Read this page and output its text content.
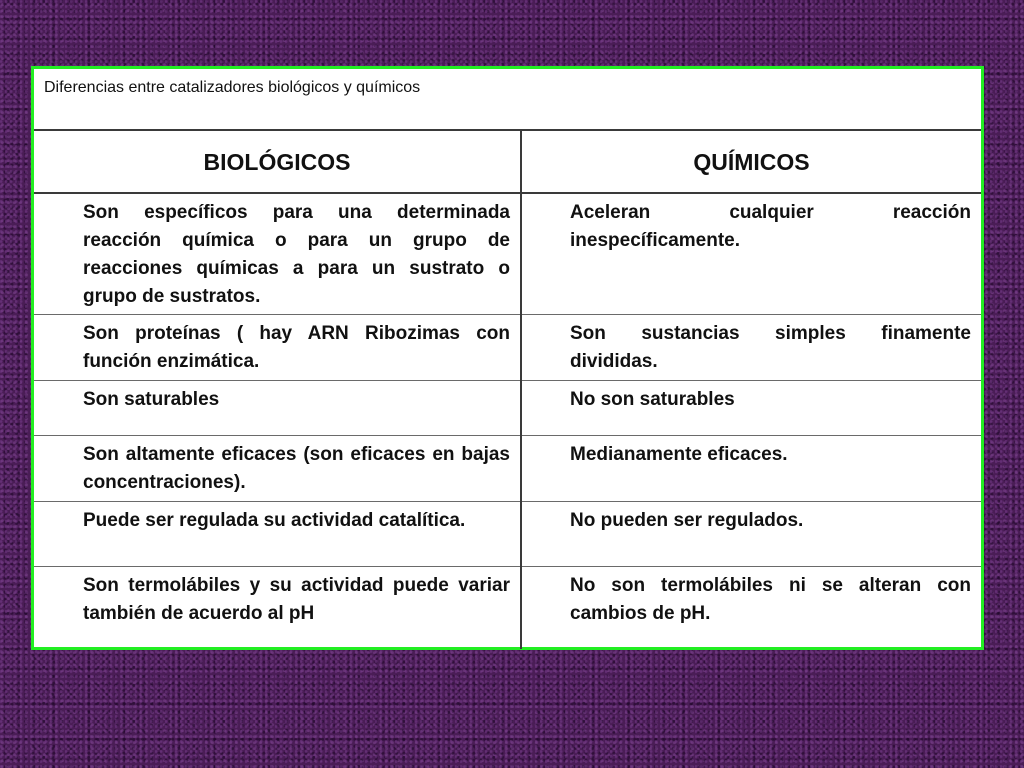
Diferencias entre catalizadores biológicos y químicos
BIOLÓGICOS	QUÍMICOS
Son específicos para una determinada reacción química o para un grupo de reacciones químicas a para un sustrato o grupo de sustratos.	Aceleran cualquier reacción inespecíficamente.
Son proteínas ( hay ARN Ribozimas con función enzimática.	Son sustancias simples finamente divididas.
Son saturables	No son saturables
Son altamente eficaces (son eficaces en bajas concentraciones).	Medianamente eficaces.
Puede ser regulada su actividad catalítica.	No pueden ser regulados.
Son termolábiles y su actividad puede variar también de acuerdo al pH	No son termolábiles ni se alteran con cambios de pH.
